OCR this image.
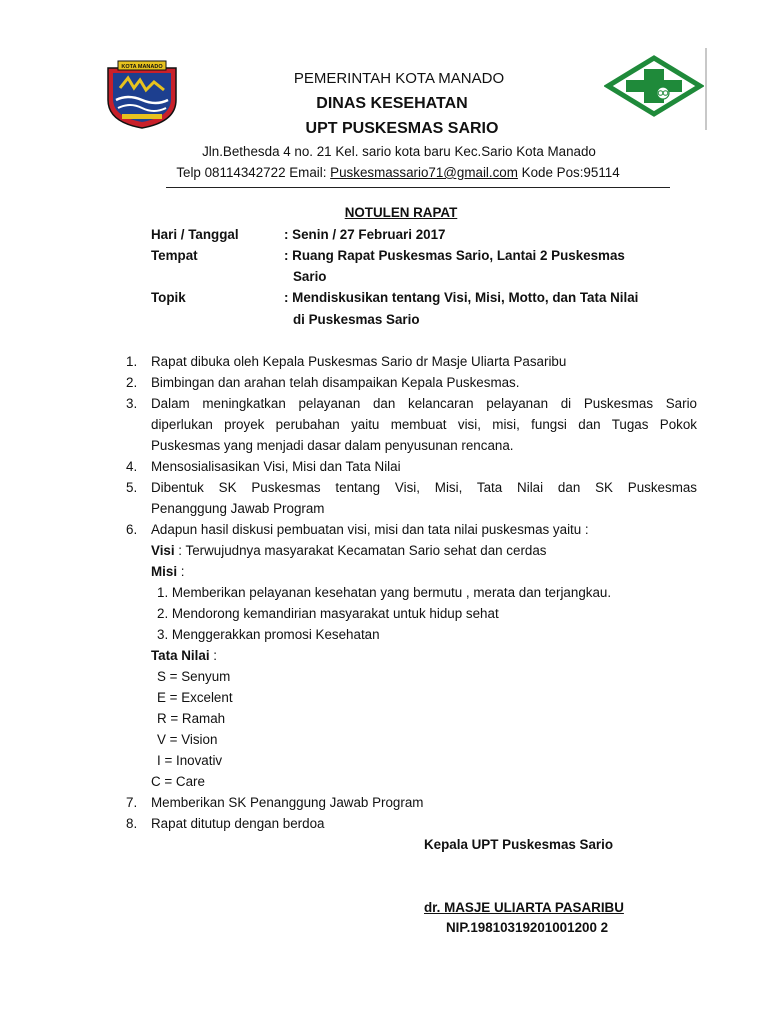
KOTA MANADO
PEMERINTAH KOTA MANADO
DINAS KESEHATAN
UPT PUSKESMAS SARIO
Jln.Bethesda 4 no. 21 Kel. sario kota baru Kec.Sario Kota Manado
Telp 08114342722 Email: Puskesmassario71@gmail.com Kode Pos:95114
NOTULEN RAPAT
Hari / Tanggal	: Senin / 27 Februari 2017
Tempat	: Ruang Rapat Puskesmas Sario, Lantai 2 Puskesmas
Sario
Topik	: Mendiskusikan tentang Visi, Misi, Motto, dan Tata Nilai
di Puskesmas Sario
1. Rapat dibuka oleh Kepala Puskesmas Sario dr Masje Uliarta Pasaribu
2. Bimbingan dan arahan telah disampaikan Kepala Puskesmas.
3. Dalam meningkatkan pelayanan dan kelancaran pelayanan di Puskesmas Sario
diperlukan proyek perubahan yaitu membuat visi, misi, fungsi dan Tugas Pokok
Puskesmas yang menjadi dasar dalam penyusunan rencana.
4. Mensosialisasikan Visi, Misi dan Tata Nilai
5. Dibentuk SK Puskesmas tentang Visi, Misi, Tata Nilai dan SK Puskesmas
Penanggung Jawab Program
6. Adapun hasil diskusi pembuatan visi, misi dan tata nilai puskesmas yaitu :
Visi : Terwujudnya masyarakat Kecamatan Sario sehat dan cerdas
Misi :
1. Memberikan pelayanan kesehatan yang bermutu , merata dan terjangkau.
2. Mendorong kemandirian masyarakat untuk hidup sehat
3. Menggerakkan promosi Kesehatan
Tata Nilai :
S = Senyum
E = Excelent
R = Ramah
V = Vision
I = Inovativ
C = Care
7. Memberikan SK Penanggung Jawab Program
8. Rapat ditutup dengan berdoa
Kepala UPT Puskesmas Sario
dr. MASJE ULIARTA PASARIBU
NIP.19810319201001200 2
